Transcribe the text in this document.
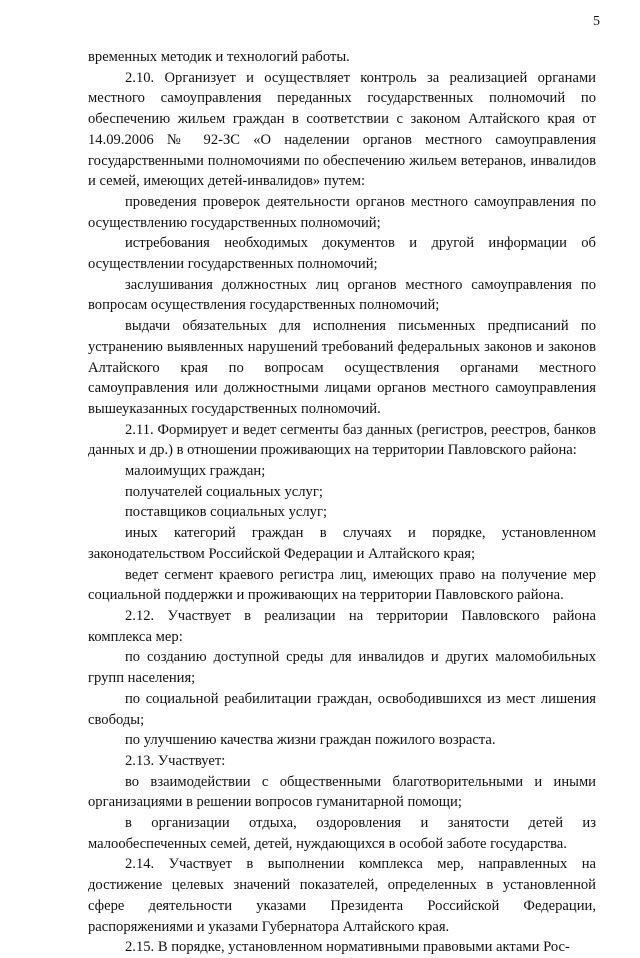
5

временных методик и технологий работы.

2.10. Организует и осуществляет контроль за реализацией органами местного самоуправления переданных государственных полномочий по обеспечению жильем граждан в соответствии с законом Алтайского края от 14.09.2006 № 92-ЗС «О наделении органов местного самоуправления государственными полномочиями по обеспечению жильем ветеранов, инвалидов и семей, имеющих детей-инвалидов» путем:

проведения проверок деятельности органов местного самоуправления по осуществлению государственных полномочий;

истребования необходимых документов и другой информации об осуществлении государственных полномочий;

заслушивания должностных лиц органов местного самоуправления по вопросам осуществления государственных полномочий;

выдачи обязательных для исполнения письменных предписаний по устранению выявленных нарушений требований федеральных законов и законов Алтайского края по вопросам осуществления органами местного самоуправления или должностными лицами органов местного самоуправления вышеуказанных государственных полномочий.

2.11. Формирует и ведет сегменты баз данных (регистров, реестров, банков данных и др.) в отношении проживающих на территории Павловского района:

малоимущих граждан;

получателей социальных услуг;

поставщиков социальных услуг;

иных категорий граждан в случаях и порядке, установленном законодательством Российской Федерации и Алтайского края;

ведет сегмент краевого регистра лиц, имеющих право на получение мер социальной поддержки и проживающих на территории Павловского района.

2.12. Участвует в реализации на территории Павловского района комплекса мер:

по созданию доступной среды для инвалидов и других маломобильных групп населения;

по социальной реабилитации граждан, освободившихся из мест лишения свободы;

по улучшению качества жизни граждан пожилого возраста.

2.13. Участвует:

во взаимодействии с общественными благотворительными и иными организациями в решении вопросов гуманитарной помощи;

в организации отдыха, оздоровления и занятости детей из малообеспеченных семей, детей, нуждающихся в особой заботе государства.

2.14. Участвует в выполнении комплекса мер, направленных на достижение целевых значений показателей, определенных в установленной сфере деятельности указами Президента Российской Федерации, распоряжениями и указами Губернатора Алтайского края.

2.15. В порядке, установленном нормативными правовыми актами Рос-
